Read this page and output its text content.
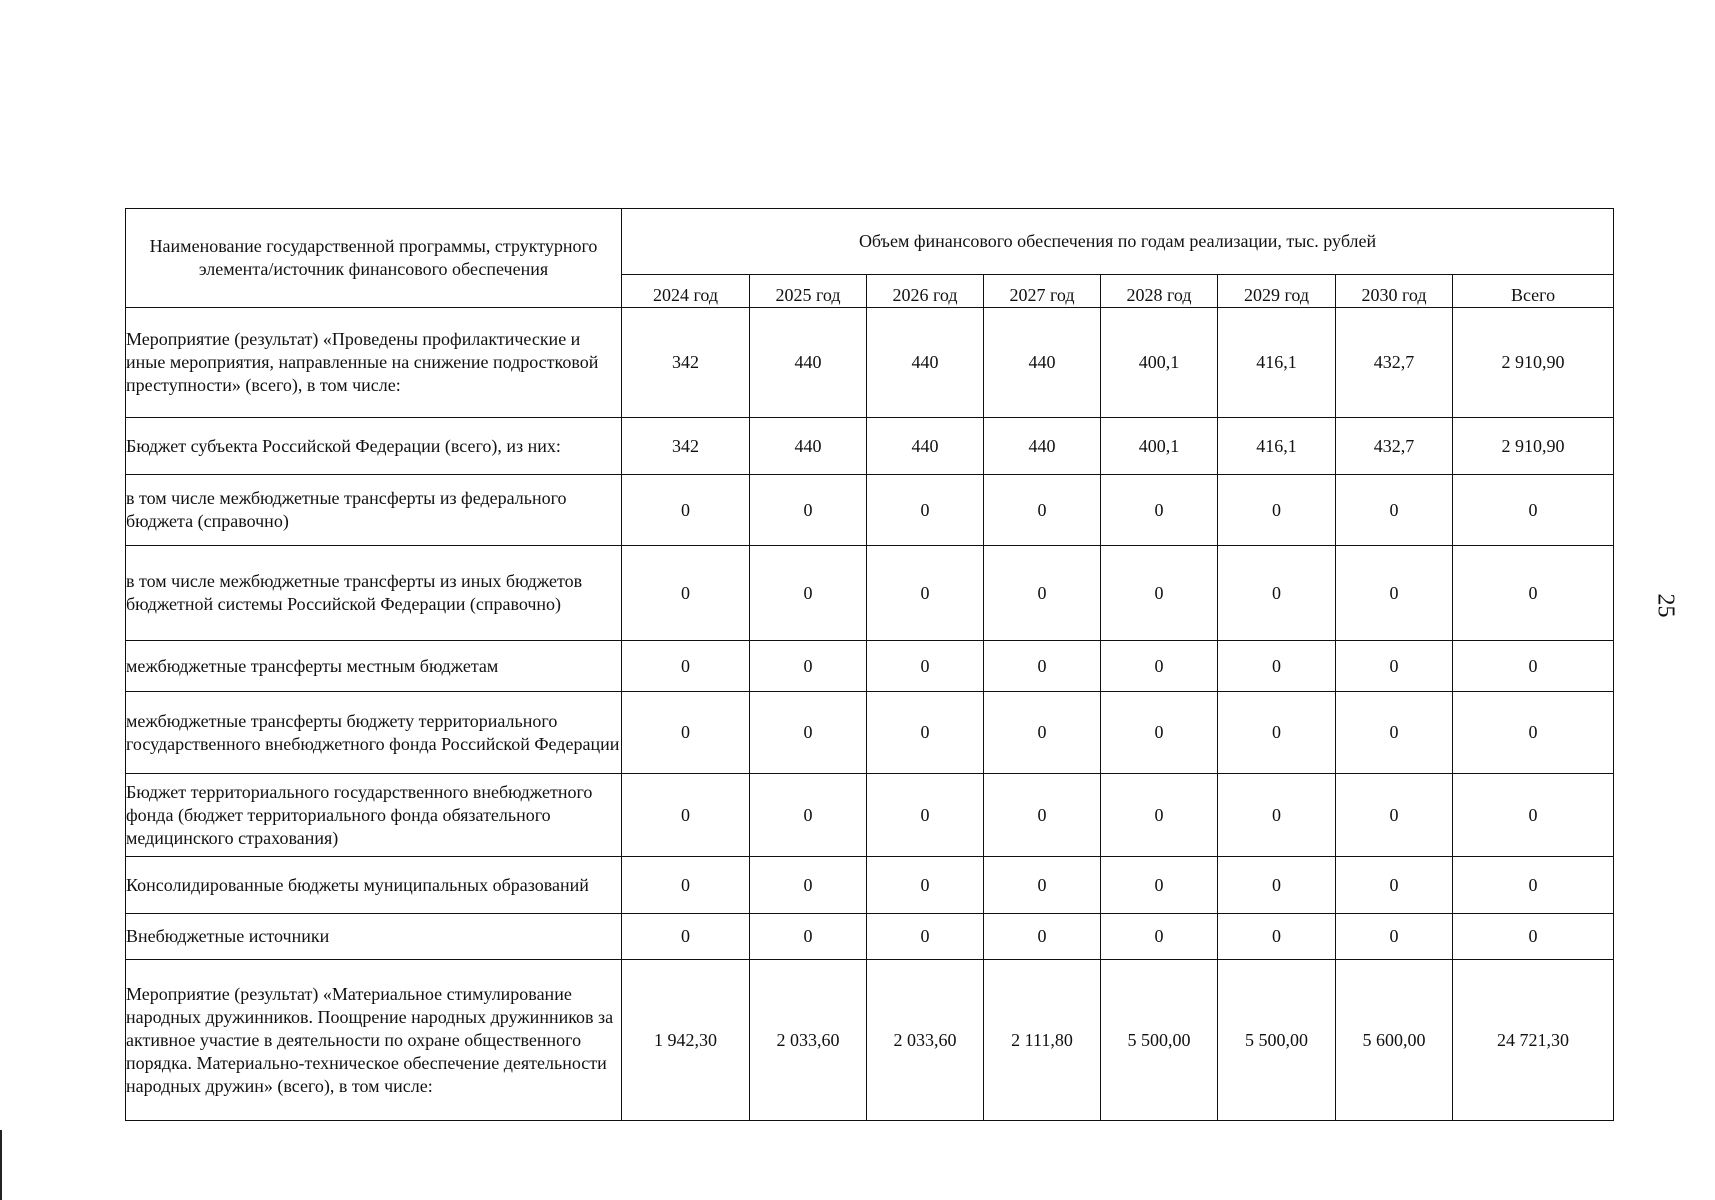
25
Наименование государственной программы, структурного элемента/источник финансового обеспечения	Объем финансового обеспечения по годам реализации, тыс. рублей							
	2024 год	2025 год	2026 год	2027 год	2028 год	2029 год	2030 год	Всего
Мероприятие (результат) «Проведены профилактические и иные мероприятия, направленные на снижение подростковой преступности» (всего), в том числе:	342	440	440	440	400,1	416,1	432,7	2 910,90
Бюджет субъекта Российской Федерации (всего), из них:	342	440	440	440	400,1	416,1	432,7	2 910,90
в том числе межбюджетные трансферты из федерального бюджета (справочно)	0	0	0	0	0	0	0	0
в том числе межбюджетные трансферты из иных бюджетов бюджетной системы Российской Федерации (справочно)	0	0	0	0	0	0	0	0
межбюджетные трансферты местным бюджетам	0	0	0	0	0	0	0	0
межбюджетные трансферты бюджету территориального государственного внебюджетного фонда Российской Федерации	0	0	0	0	0	0	0	0
Бюджет территориального государственного внебюджетного фонда (бюджет территориального фонда обязательного медицинского страхования)	0	0	0	0	0	0	0	0
Консолидированные бюджеты муниципальных образований	0	0	0	0	0	0	0	0
Внебюджетные источники	0	0	0	0	0	0	0	0
Мероприятие (результат) «Материальное стимулирование народных дружинников. Поощрение народных дружинников за активное участие в деятельности по охране общественного порядка. Материально-техническое обеспечение деятельности народных дружин» (всего), в том числе:	1 942,30	2 033,60	2 033,60	2 111,80	5 500,00	5 500,00	5 600,00	24 721,30
